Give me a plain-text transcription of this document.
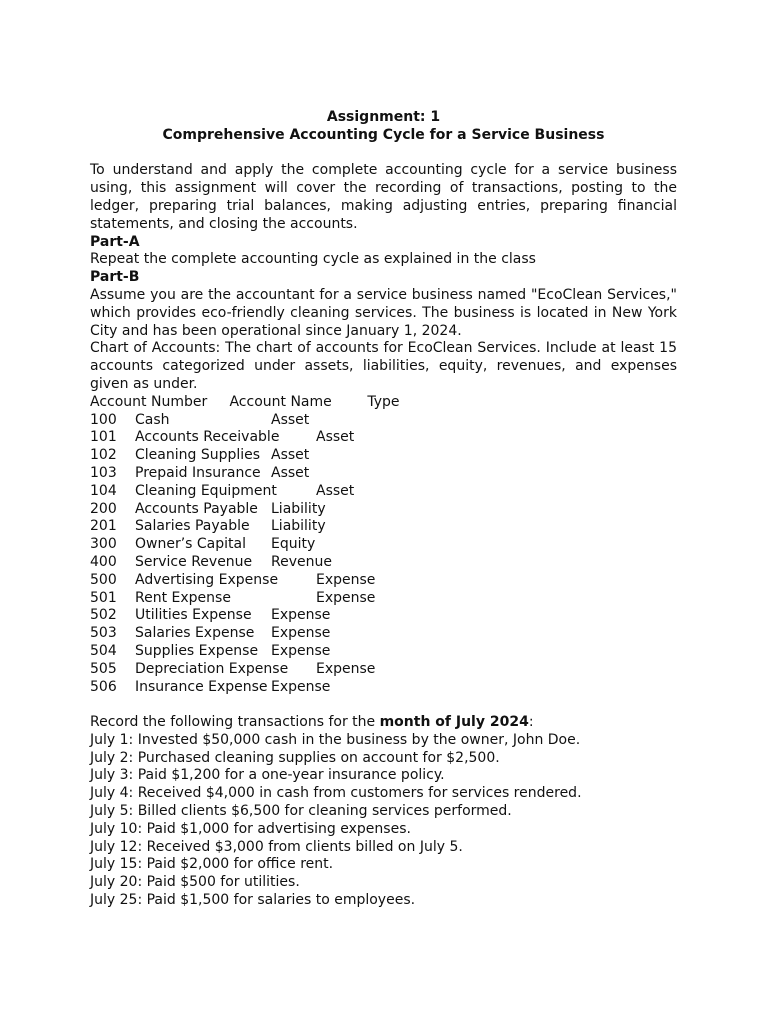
Assignment: 1

Comprehensive Accounting Cycle for a Service Business

To understand and apply the complete accounting cycle for a service business using, this assignment will cover the recording of transactions, posting to the ledger, preparing trial balances, making adjusting entries, preparing financial statements, and closing the accounts.

Part-A

Repeat the complete accounting cycle as explained in the class

Part-B

Assume you are the accountant for a service business named "EcoClean Services," which provides eco-friendly cleaning services. The business is located in New York City and has been operational since January 1, 2024.

Chart of Accounts: The chart of accounts for EcoClean Services. Include at least 15 accounts categorized under assets, liabilities, equity, revenues, and expenses given as under.

Account Number     Account Name        Type

100 Cash	Asset
101 Accounts Receivable	Asset
102 Cleaning Supplies Asset
103 Prepaid Insurance Asset
104 Cleaning Equipment	Asset
200 Accounts Payable Liability
201 Salaries Payable Liability
300 Owner’s Capital Equity
400 Service Revenue Revenue
500 Advertising Expense	Expense
501 Rent Expense	Expense
502 Utilities Expense Expense
503 Salaries Expense Expense
504 Supplies Expense Expense
505 Depreciation Expense Expense
506 Insurance Expense Expense

Record the following transactions for the month of July 2024:

July 1: Invested $50,000 cash in the business by the owner, John Doe.

July 2: Purchased cleaning supplies on account for $2,500.

July 3: Paid $1,200 for a one-year insurance policy.

July 4: Received $4,000 in cash from customers for services rendered.

July 5: Billed clients $6,500 for cleaning services performed.

July 10: Paid $1,000 for advertising expenses.

July 12: Received $3,000 from clients billed on July 5.

July 15: Paid $2,000 for office rent.

July 20: Paid $500 for utilities.

July 25: Paid $1,500 for salaries to employees.
